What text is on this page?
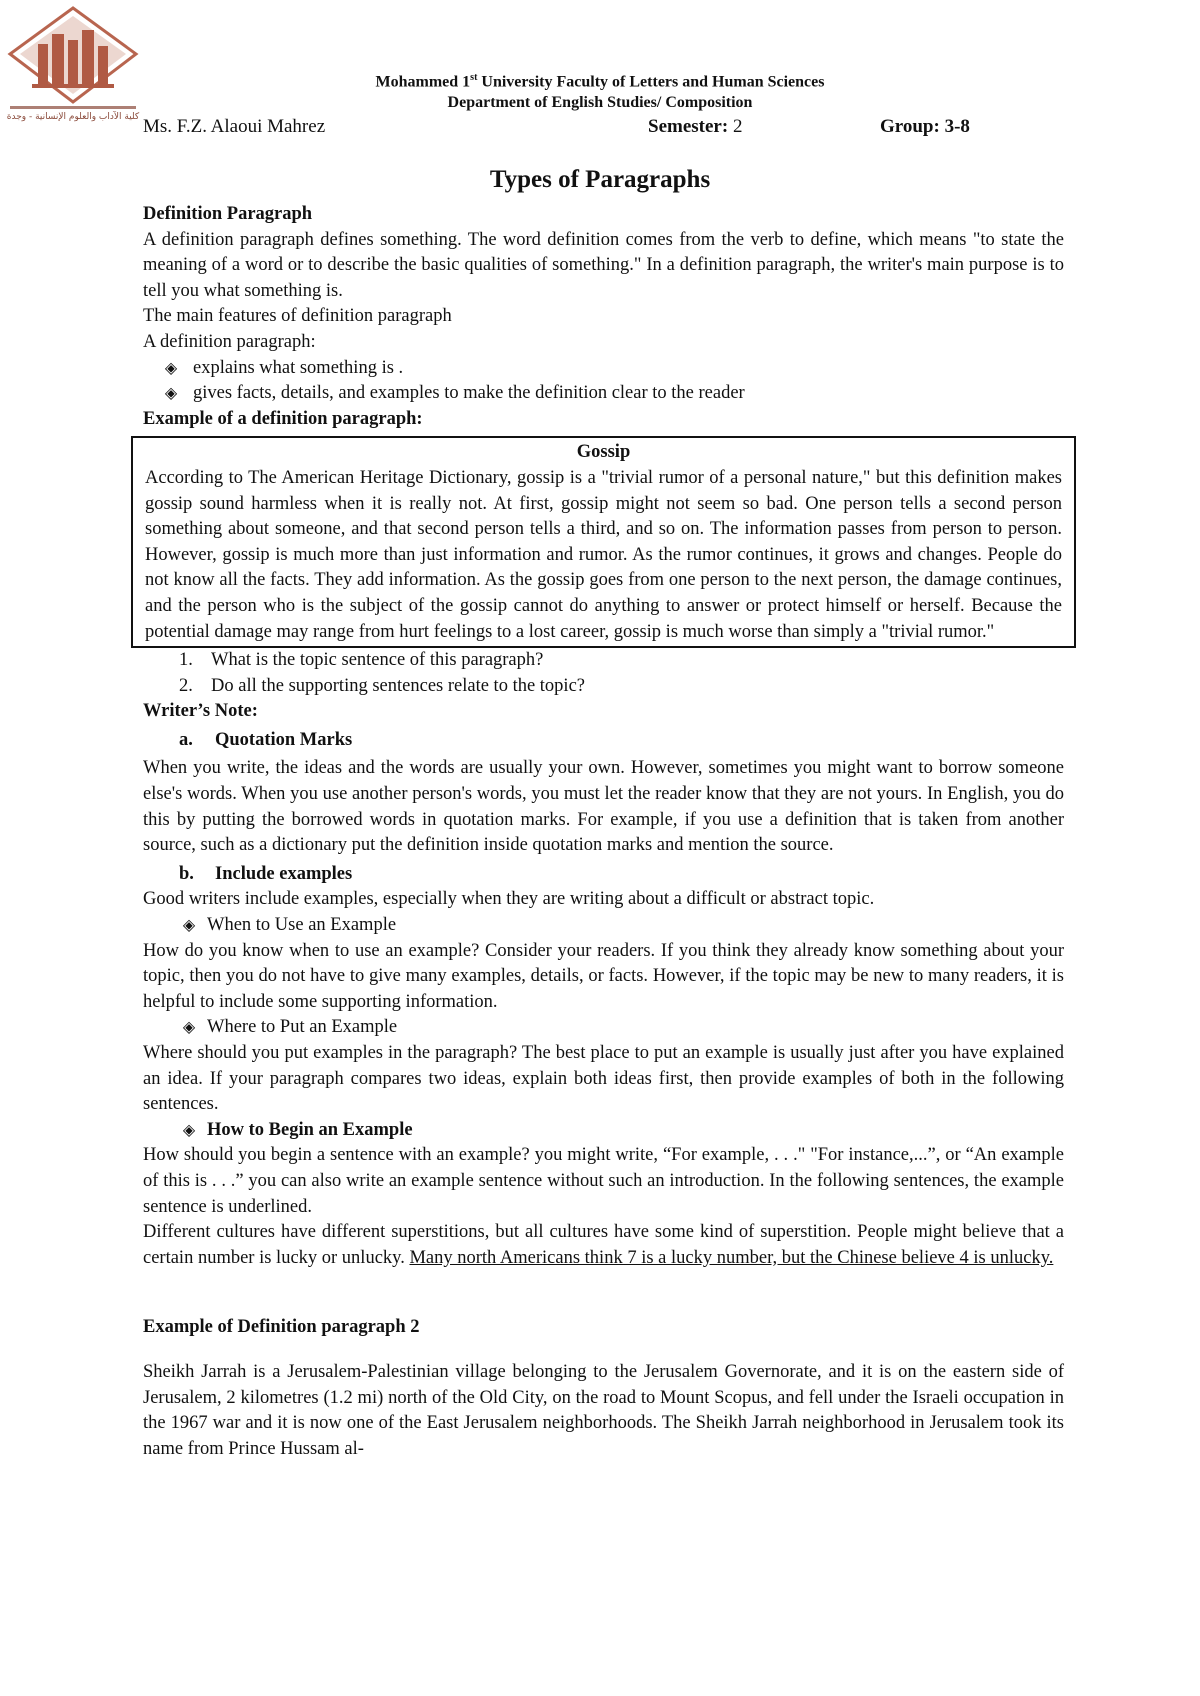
كلية الآداب والعلوم الإنسانية - وجدة
Mohammed 1st University Faculty of Letters and Human Sciences
Department of English Studies/ Composition
Ms. F.Z. Alaoui Mahrez	Semester: 2	Group: 3-8
Types of Paragraphs

Definition Paragraph

A definition paragraph defines something. The word definition comes from the verb to define, which means "to state the meaning of a word or to describe the basic qualities of something." In a definition paragraph, the writer's main purpose is to tell you what something is.

The main features of definition paragraph

A definition paragraph:

◈ explains what something is .
◈ gives facts, details, and examples to make the definition clear to the reader

Example of a definition paragraph:

Gossip

According to The American Heritage Dictionary, gossip is a "trivial rumor of a personal nature," but this definition makes gossip sound harmless when it is really not. At first, gossip might not seem so bad. One person tells a second person something about someone, and that second person tells a third, and so on. The information passes from person to person. However, gossip is much more than just information and rumor. As the rumor continues, it grows and changes. People do not know all the facts. They add information. As the gossip goes from one person to the next person, the damage continues, and the person who is the subject of the gossip cannot do anything to answer or protect himself or herself. Because the potential damage may range from hurt feelings to a lost career, gossip is much worse than simply a "trivial rumor."

1. What is the topic sentence of this paragraph?
2. Do all the supporting sentences relate to the topic?

Writer’s Note:

a.	Quotation Marks

When you write, the ideas and the words are usually your own. However, sometimes you might want to borrow someone else's words. When you use another person's words, you must let the reader know that they are not yours. In English, you do this by putting the borrowed words in quotation marks. For example, if you use a definition that is taken from another source, such as a dictionary put the definition inside quotation marks and mention the source.

b.	Include examples

Good writers include examples, especially when they are writing about a difficult or abstract topic.

◈ When to Use an Example

How do you know when to use an example? Consider your readers. If you think they already know something about your topic, then you do not have to give many examples, details, or facts. However, if the topic may be new to many readers, it is helpful to include some supporting information.

◈ Where to Put an Example

Where should you put examples in the paragraph? The best place to put an example is usually just after you have explained an idea. If your paragraph compares two ideas, explain both ideas first, then provide examples of both in the following sentences.

◈ How to Begin an Example

How should you begin a sentence with an example? you might write, “For example, . . ." "For instance,...”, or “An example of this is . . .” you can also write an example sentence without such an introduction. In the following sentences, the example sentence is underlined.

Different cultures have different superstitions, but all cultures have some kind of superstition. People might believe that a certain number is lucky or unlucky. Many north Americans think 7 is a lucky number, but the Chinese believe 4 is unlucky.

Example of Definition paragraph 2

Sheikh Jarrah is a Jerusalem-Palestinian village belonging to the Jerusalem Governorate, and it is on the eastern side of Jerusalem, 2 kilometres (1.2 mi) north of the Old City, on the road to Mount Scopus, and fell under the Israeli occupation in the 1967 war and it is now one of the East Jerusalem neighborhoods. The Sheikh Jarrah neighborhood in Jerusalem took its name from Prince Hussam al-
